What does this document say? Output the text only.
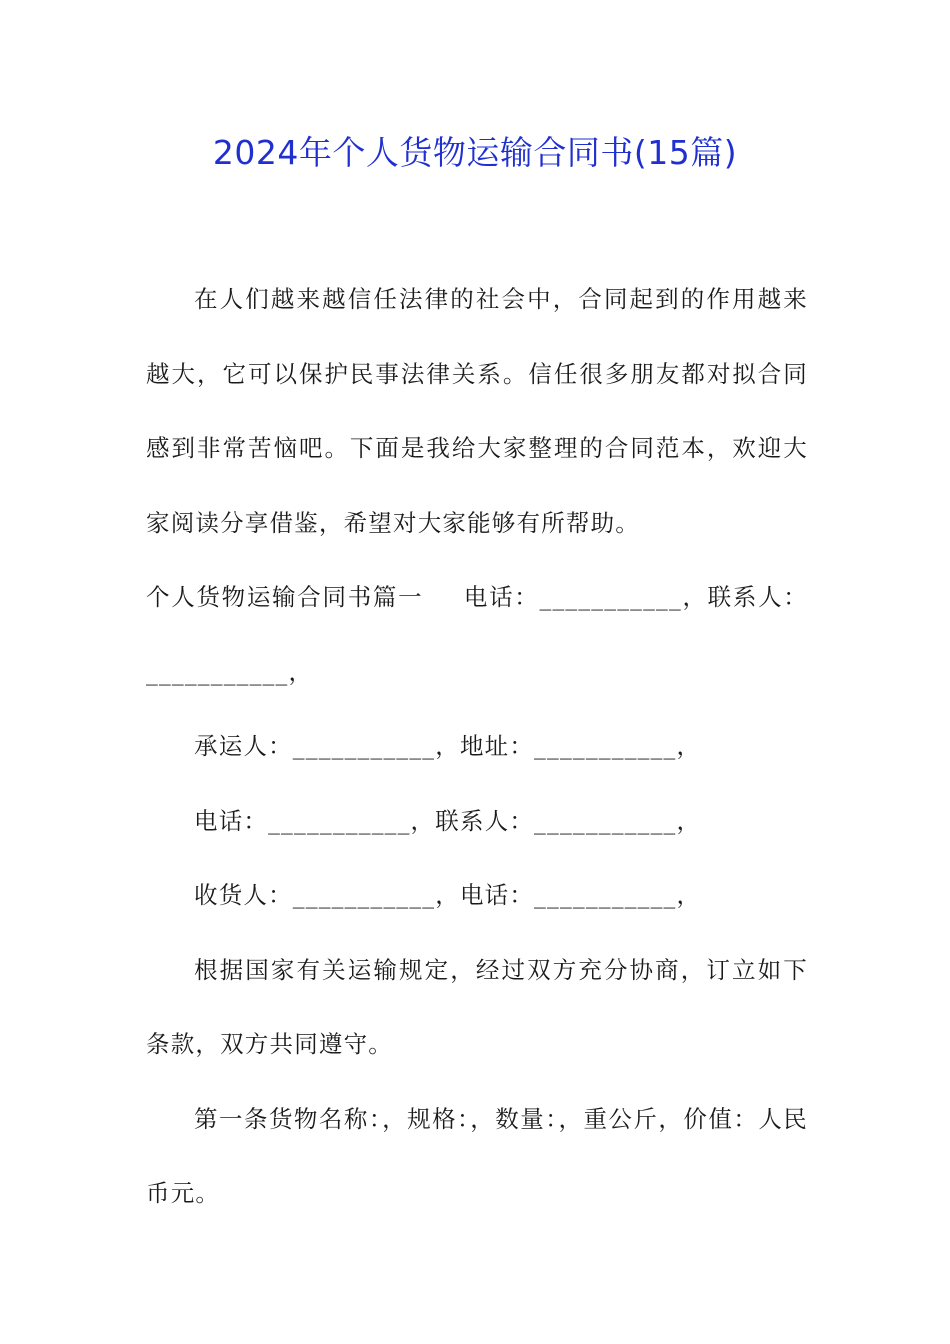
2024年个人货物运输合同书(15篇)

在人们越来越信任法律的社会中，合同起到的作用越来越大，它可以保护民事法律关系。信任很多朋友都对拟合同感到非常苦恼吧。下面是我给大家整理的合同范本，欢迎大家阅读分享借鉴，希望对大家能够有所帮助。

个人货物运输合同书篇一 电话：___________，联系人：___________，

承运人：___________，地址：___________，

电话：___________，联系人：___________，

收货人：___________，电话：___________，

根据国家有关运输规定，经过双方充分协商，订立如下条款，双方共同遵守。

第一条货物名称：，规格：，数量：，重公斤，价值：人民币元。
